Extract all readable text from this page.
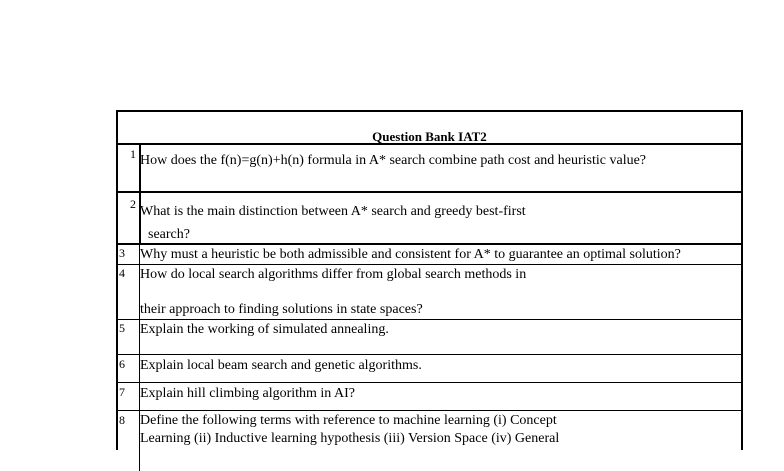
Question Bank IAT2
1 How does the f(n)=g(n)+h(n) formula in A* search combine path cost and heuristic value?
2 What is the main distinction between A* search and greedy best-first
search?
3 Why must a heuristic be both admissible and consistent for A* to guarantee an optimal solution?
4 How do local search algorithms differ from global search methods in
their approach to finding solutions in state spaces?
5 Explain the working of simulated annealing.
6 Explain local beam search and genetic algorithms.
7 Explain hill climbing algorithm in AI?
8 Define the following terms with reference to machine learning (i) Concept
Learning (ii) Inductive learning hypothesis (iii) Version Space (iv) General
